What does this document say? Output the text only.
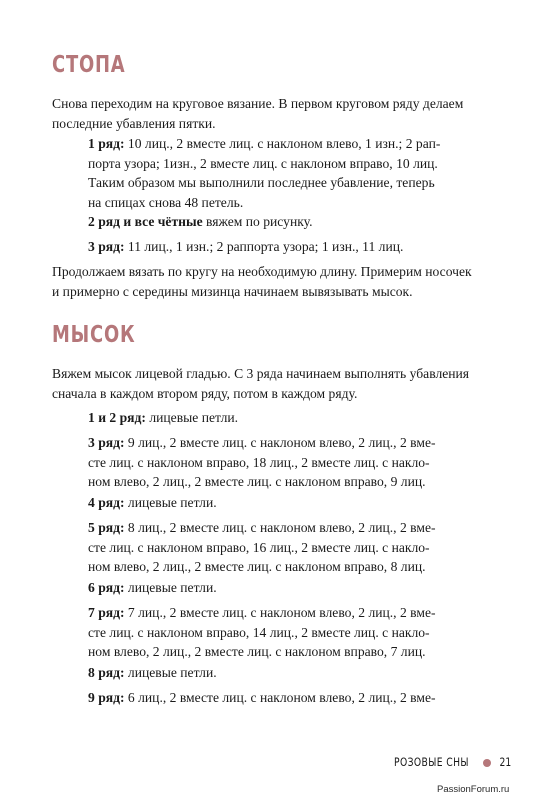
СТОПА

Снова переходим на круговое вязание. В первом круговом ряду делаем
последние убавления пятки.

1 ряд: 10 лиц., 2 вместе лиц. с наклоном влево, 1 изн.; 2 рап-
порта узора; 1изн., 2 вместе лиц. с наклоном вправо, 10 лиц.
Таким образом мы выполнили последнее убавление, теперь
на спицах снова 48 петель.

2 ряд и все чётные вяжем по рисунку.

3 ряд: 11 лиц., 1 изн.; 2 раппорта узора; 1 изн., 11 лиц.

Продолжаем вязать по кругу на необходимую длину. Примерим носочек
и примерно с середины мизинца начинаем вывязывать мысок.

МЫСОК

Вяжем мысок лицевой гладью. С 3 ряда начинаем выполнять убавления
сначала в каждом втором ряду, потом в каждом ряду.

1 и 2 ряд: лицевые петли.

3 ряд: 9 лиц., 2 вместе лиц. с наклоном влево, 2 лиц., 2 вме-
сте лиц. с наклоном вправо, 18 лиц., 2 вместе лиц. с накло-
ном влево, 2 лиц., 2 вместе лиц. с наклоном вправо, 9 лиц.

4 ряд: лицевые петли.

5 ряд: 8 лиц., 2 вместе лиц. с наклоном влево, 2 лиц., 2 вме-
сте лиц. с наклоном вправо, 16 лиц., 2 вместе лиц. с накло-
ном влево, 2 лиц., 2 вместе лиц. с наклоном вправо, 8 лиц.

6 ряд: лицевые петли.

7 ряд: 7 лиц., 2 вместе лиц. с наклоном влево, 2 лиц., 2 вме-
сте лиц. с наклоном вправо, 14 лиц., 2 вместе лиц. с накло-
ном влево, 2 лиц., 2 вместе лиц. с наклоном вправо, 7 лиц.

8 ряд: лицевые петли.

9 ряд: 6 лиц., 2 вместе лиц. с наклоном влево, 2 лиц., 2 вме-

РОЗОВЫЕ СНЫ	21
PassionForum.ru
